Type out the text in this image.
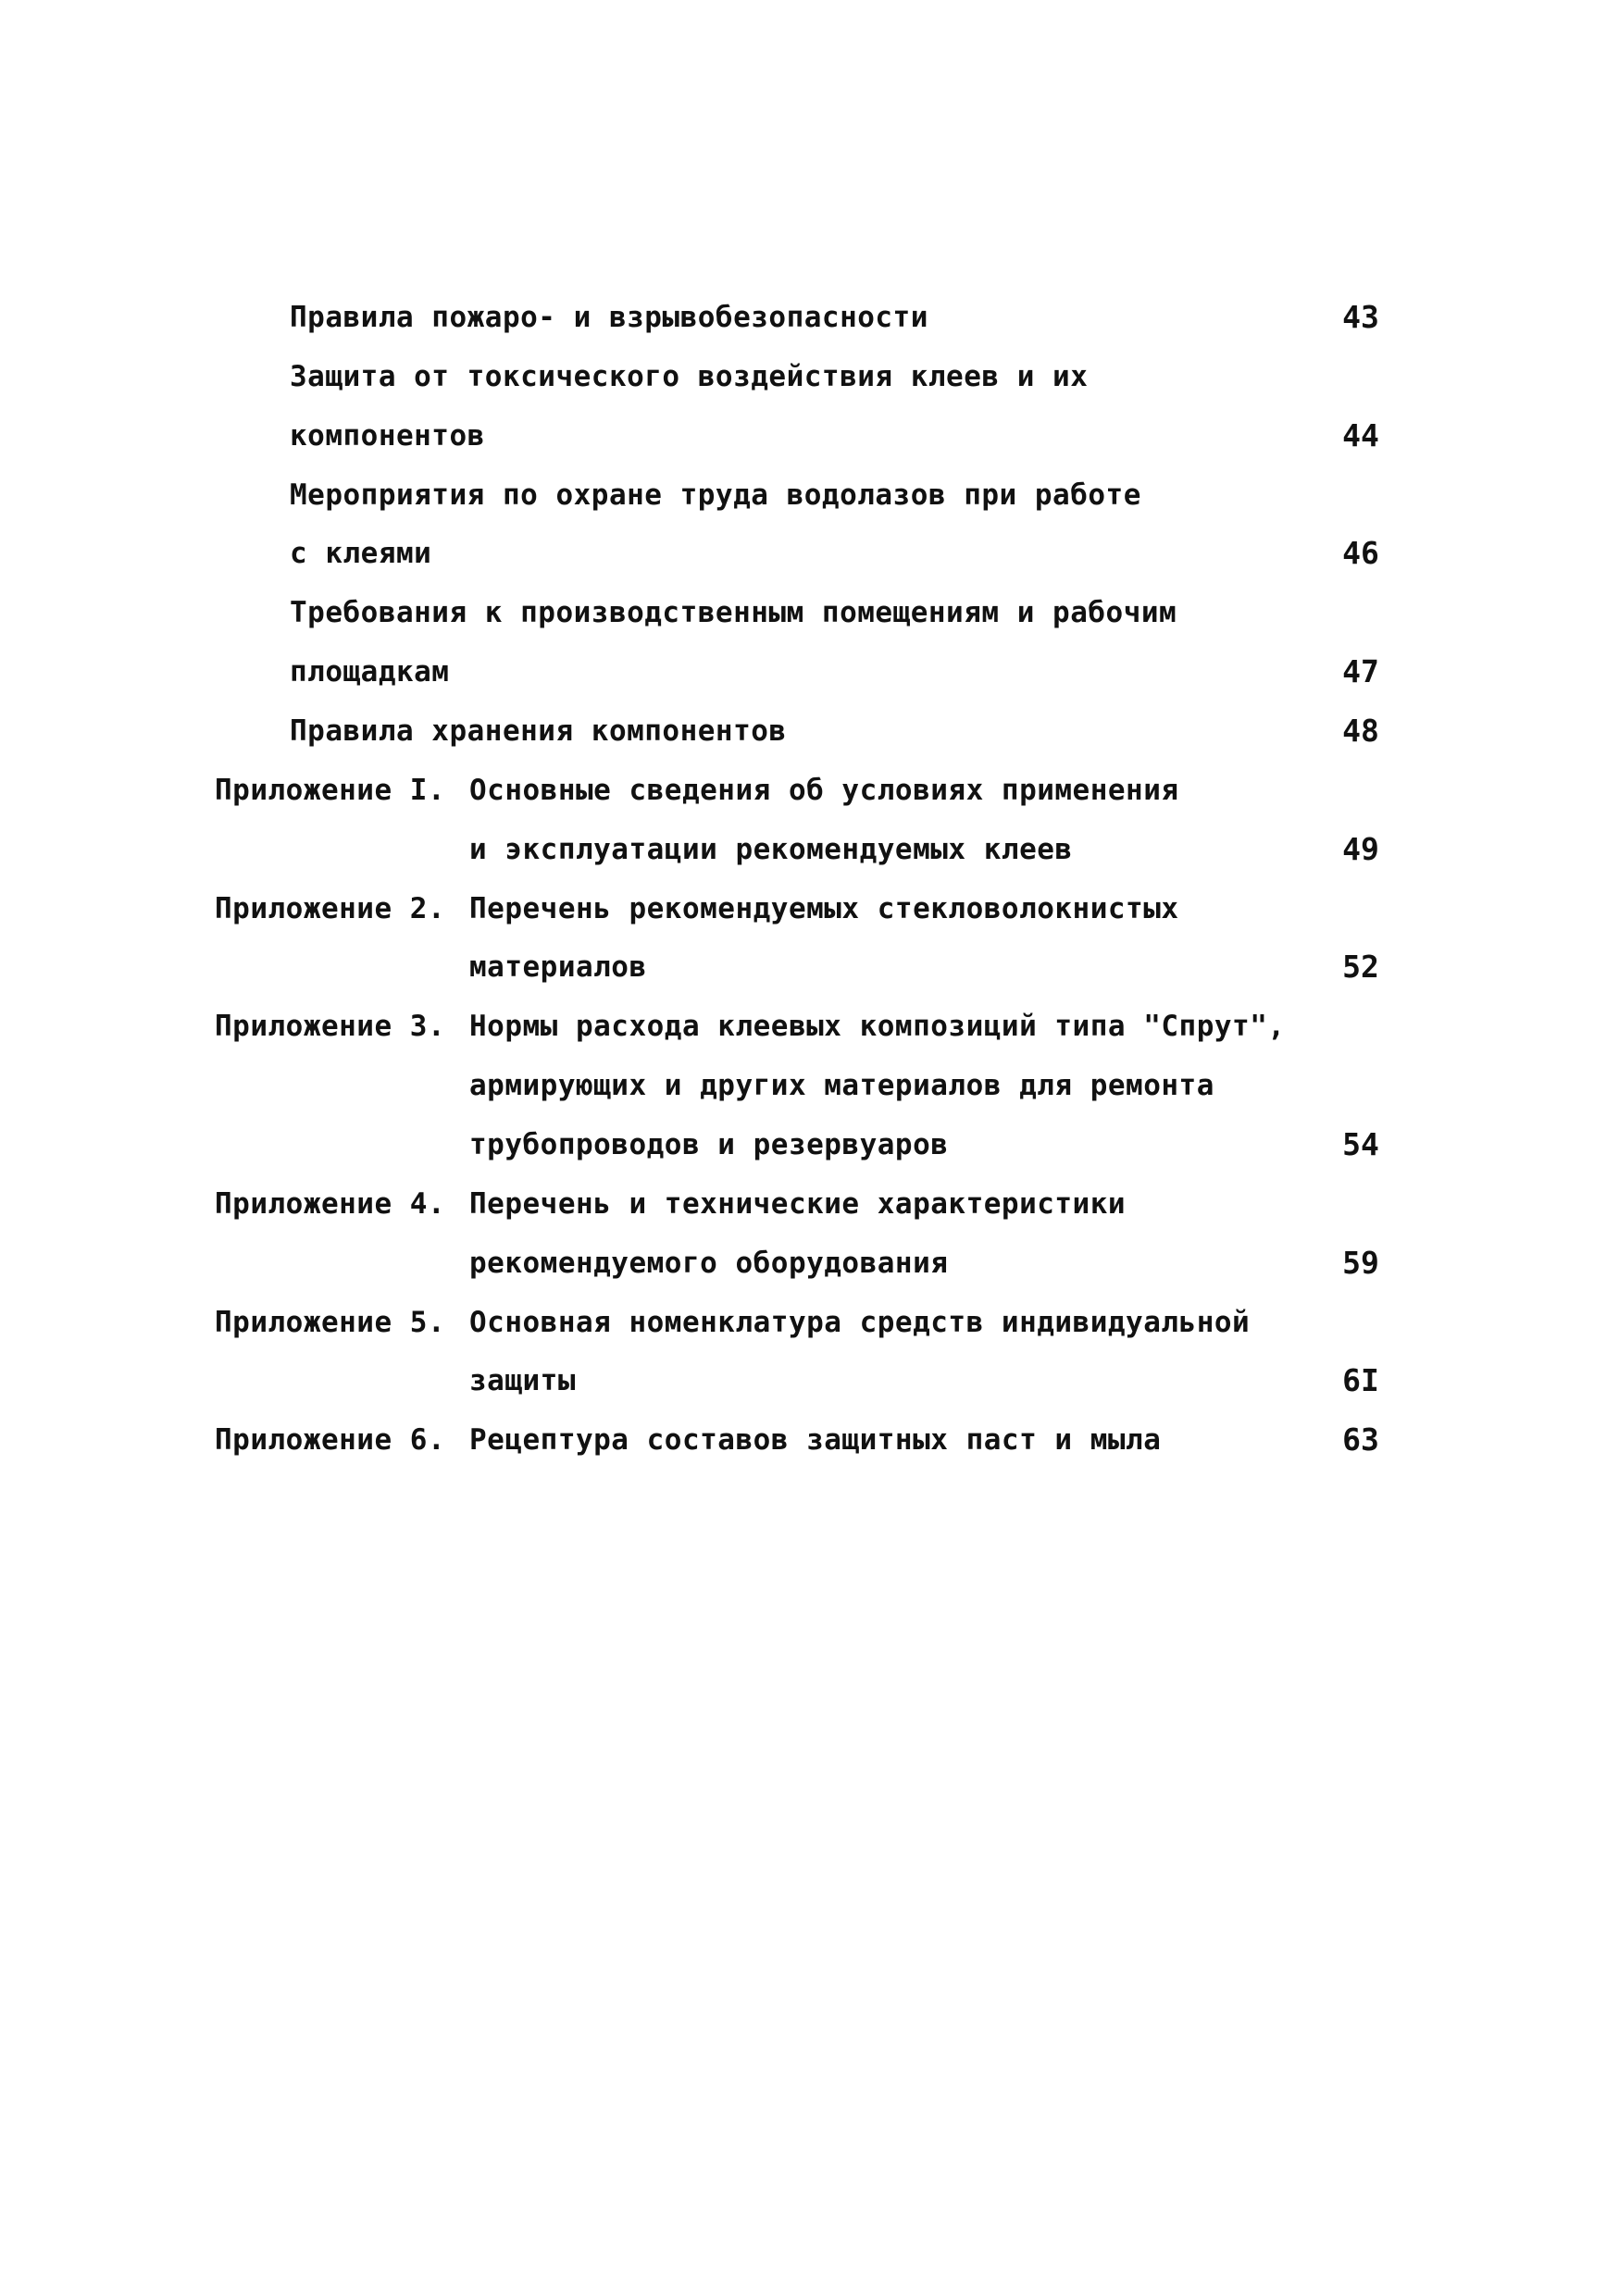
Правила пожаро- и взрывобезопасности	43
Защита от токсического воздействия клеев и их
компонентов	44
Мероприятия по охране труда водолазов при работе
с клеями	46
Требования к производственным помещениям и рабочим
площадкам	47
Правила хранения компонентов	48
Приложение I. Основные сведения об условиях применения
и эксплуатации рекомендуемых клеев	49
Приложение 2. Перечень рекомендуемых стекловолокнистых
материалов	52
Приложение 3. Нормы расхода клеевых композиций типа "Спрут",
армирующих и других материалов для ремонта
трубопроводов и резервуаров	54
Приложение 4. Перечень и технические характеристики
рекомендуемого оборудования	59
Приложение 5. Основная номенклатура средств индивидуальной
защиты	6I
Приложение 6. Рецептура составов защитных паст и мыла	63
